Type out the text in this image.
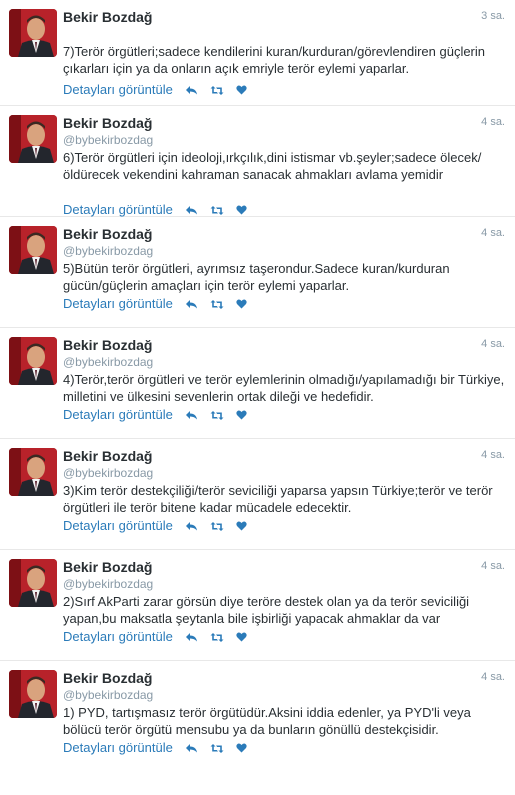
Bekir Bozdağ	3 sa.
7)Terör örgütleri;sadece kendilerini kuran/kurduran/görevlendiren güçlerin çıkarları için ya da onların açık emriyle terör eylemi yaparlar.
Detayları görüntüle
Bekir Bozdağ
@bybekirbozdag
4 sa.
6)Terör örgütleri için ideoloji,ırkçılık,dini istismar vb.şeyler;sadece ölecek/öldürecek vekendini kahraman sanacak ahmakları avlama yemidir
Detayları görüntüle
Bekir Bozdağ
@bybekirbozdag
4 sa.
5)Bütün terör örgütleri, ayrımsız taşerondur.Sadece kuran/kurduran gücün/güçlerin amaçları için terör eylemi yaparlar.
Detayları görüntüle
Bekir Bozdağ
@bybekirbozdag
4 sa.
4)Terör,terör örgütleri ve terör eylemlerinin olmadığı/yapılamadığı bir Türkiye, milletini ve ülkesini sevenlerin ortak dileği ve hedefidir.
Detayları görüntüle
Bekir Bozdağ
@bybekirbozdag
4 sa.
3)Kim terör destekçiliği/terör seviciliği yaparsa yapsın Türkiye;terör ve terör örgütleri ile terör bitene kadar mücadele edecektir.
Detayları görüntüle
Bekir Bozdağ
@bybekirbozdag
4 sa.
2)Sırf AkParti zarar görsün diye teröre destek olan ya da terör seviciliği yapan,bu maksatla şeytanla bile işbirliği yapacak ahmaklar da var
Detayları görüntüle
Bekir Bozdağ
@bybekirbozdag
4 sa.
1) PYD, tartışmasız terör örgütüdür.Aksini iddia edenler, ya PYD'li veya bölücü terör örgütü mensubu ya da bunların gönüllü destekçisidir.
Detayları görüntüle
